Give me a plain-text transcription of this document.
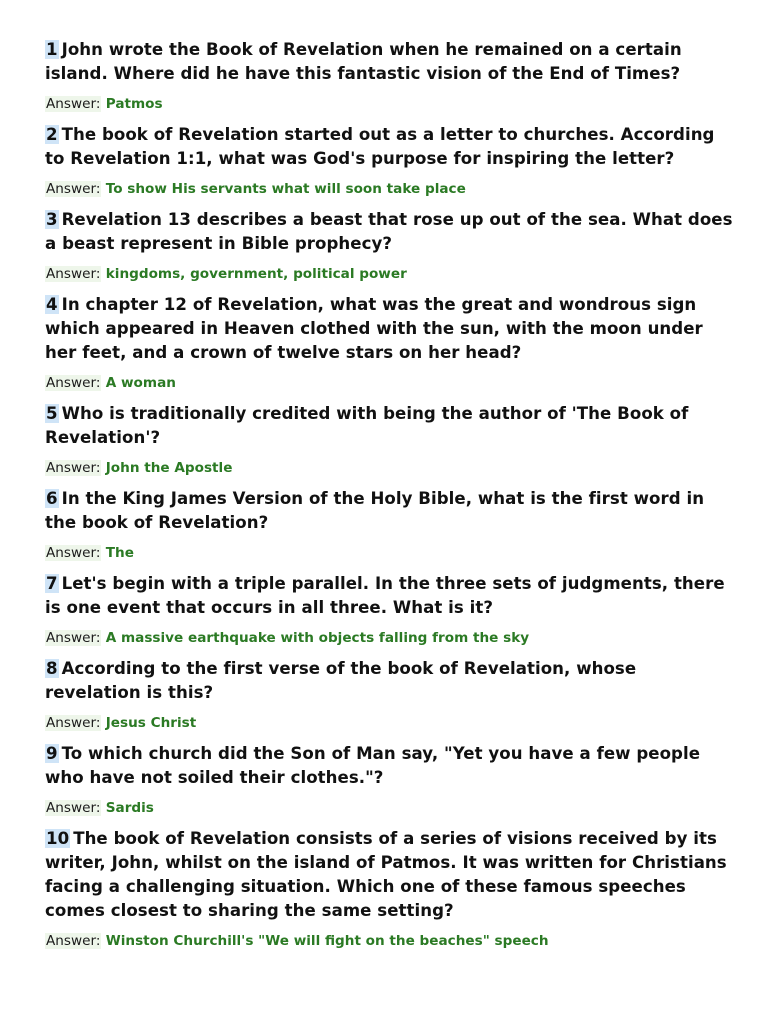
1 John wrote the Book of Revelation when he remained on a certain island. Where did he have this fantastic vision of the End of Times?

Answer: Patmos

2 The book of Revelation started out as a letter to churches. According to Revelation 1:1, what was God's purpose for inspiring the letter?

Answer: To show His servants what will soon take place

3 Revelation 13 describes a beast that rose up out of the sea. What does a beast represent in Bible prophecy?

Answer: kingdoms, government, political power

4 In chapter 12 of Revelation, what was the great and wondrous sign which appeared in Heaven clothed with the sun, with the moon under her feet, and a crown of twelve stars on her head?

Answer: A woman

5 Who is traditionally credited with being the author of 'The Book of Revelation'?

Answer: John the Apostle

6 In the King James Version of the Holy Bible, what is the first word in the book of Revelation?

Answer: The

7 Let's begin with a triple parallel. In the three sets of judgments, there is one event that occurs in all three. What is it?

Answer: A massive earthquake with objects falling from the sky

8 According to the first verse of the book of Revelation, whose revelation is this?

Answer: Jesus Christ

9 To which church did the Son of Man say, "Yet you have a few people who have not soiled their clothes."?

Answer: Sardis

10 The book of Revelation consists of a series of visions received by its writer, John, whilst on the island of Patmos. It was written for Christians facing a challenging situation. Which one of these famous speeches comes closest to sharing the same setting?

Answer: Winston Churchill's "We will fight on the beaches" speech
